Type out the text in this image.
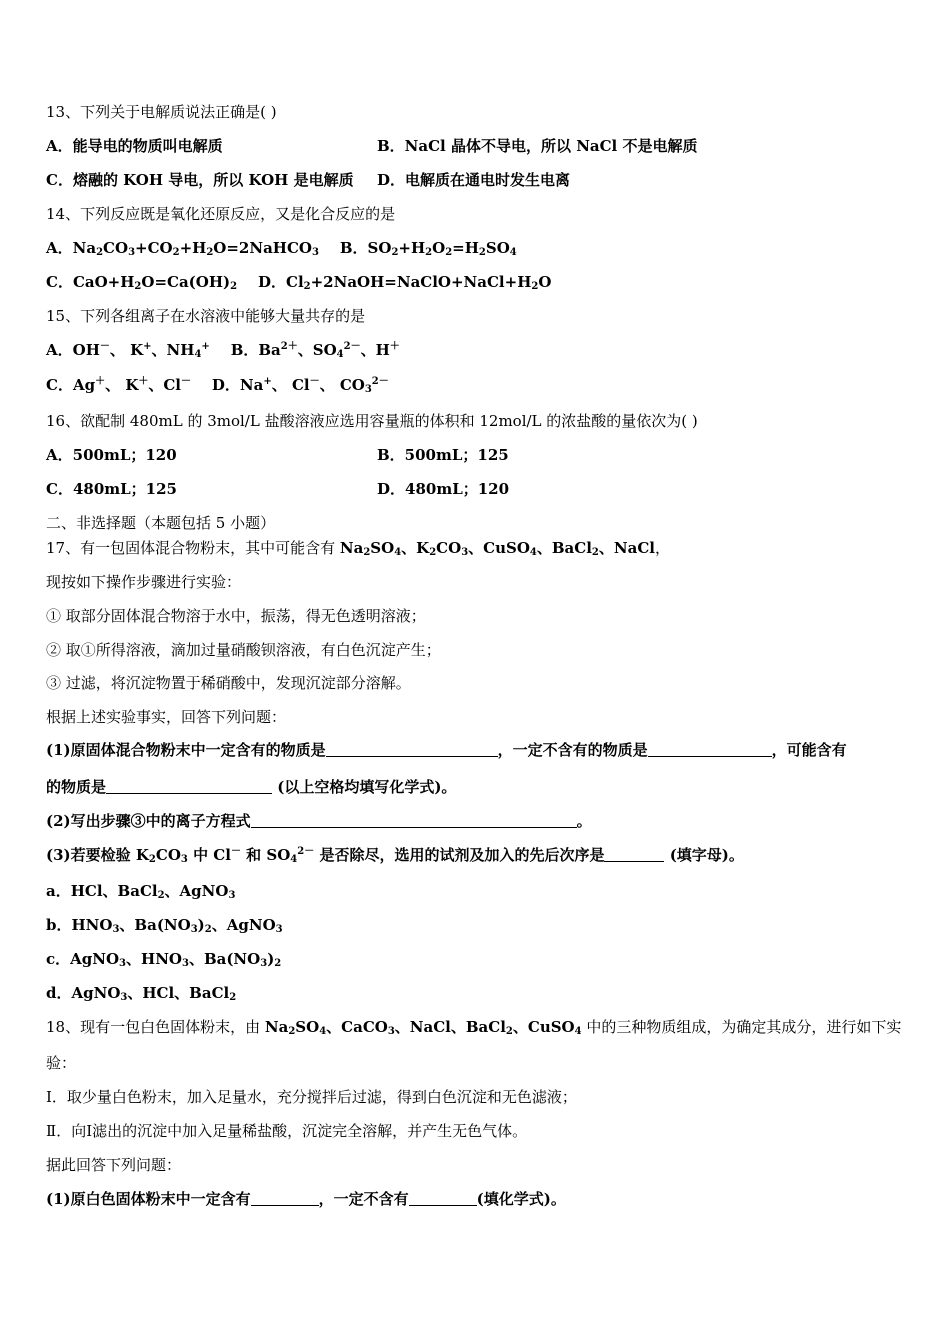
13、下列关于电解质说法正确是( )
A．能导电的物质叫电解质	B．NaCl 晶体不导电，所以 NaCl 不是电解质
C．熔融的 KOH 导电，所以 KOH 是电解质 D．电解质在通电时发生电离
14、下列反应既是氧化还原反应，又是化合反应的是
A．$Na_2CO_3+CO_2+H_2O=2NaHCO_3$ B．$SO_2+H_2O_2=H_2SO_4$
C．$CaO+H_2O=Ca(OH)_2$ D．$Cl_2+2NaOH=NaClO+NaCl+H_2O$
15、下列各组离子在水溶液中能够大量共存的是
A．OH－、 K+、$NH_4^+$ B．$Ba^{2+}$、$SO_4^{2-}$、H＋
C．Ag＋、 K＋、Cl－ D．Na+、 Cl－、 $CO_3^{2-}$
16、欲配制 480mL 的 3mol/L 盐酸溶液应选用容量瓶的体积和 12mol/L 的浓盐酸的量依次为( )
A．500mL；120	B．500mL；125
C．480mL；125	D．480mL；120
二、非选择题（本题包括 5 小题）
17、有一包固体混合物粉末，其中可能含有 $Na_2SO_4$、$K_2CO_3$、CuSO$_4$、BaCl$_2$、NaCl，
现按如下操作步骤进行实验：
① 取部分固体混合物溶于水中，振荡，得无色透明溶液；
② 取①所得溶液，滴加过量硝酸钡溶液，有白色沉淀产生；
③ 过滤，将沉淀物置于稀硝酸中，发现沉淀部分溶解。
根据上述实验事实，回答下列问题：
(1)原固体混合物粉末中一定含有的物质是	，一定不含有的物质是	，可能含有
的物质是	(以上空格均填写化学式)。
(2)写出步骤③中的离子方程式	。
(3)若要检验 $K_2CO_3$ 中 Cl－ 和 $SO_4^{2-}$ 是否除尽，选用的试剂及加入的先后次序是	(填字母)。
a．HCl、BaCl$_2$、AgNO$_3$
b．$HNO_3$、$Ba(NO_3)_2$、AgNO$_3$
c．AgNO$_3$、$HNO_3$、$Ba(NO_3)_2$
d．AgNO$_3$、HCl、BaCl$_2$
18、现有一包白色固体粉末，由 $Na_2SO_4$、CaCO$_3$、NaCl、BaCl$_2$、CuSO$_4$ 中的三种物质组成，为确定其成分，进行如下实
验：
Ⅰ．取少量白色粉末，加入足量水，充分搅拌后过滤，得到白色沉淀和无色滤液；
Ⅱ．向Ⅰ滤出的沉淀中加入足量稀盐酸，沉淀完全溶解，并产生无色气体。
据此回答下列问题：
(1)原白色固体粉末中一定含有	，一定不含有	(填化学式)。
